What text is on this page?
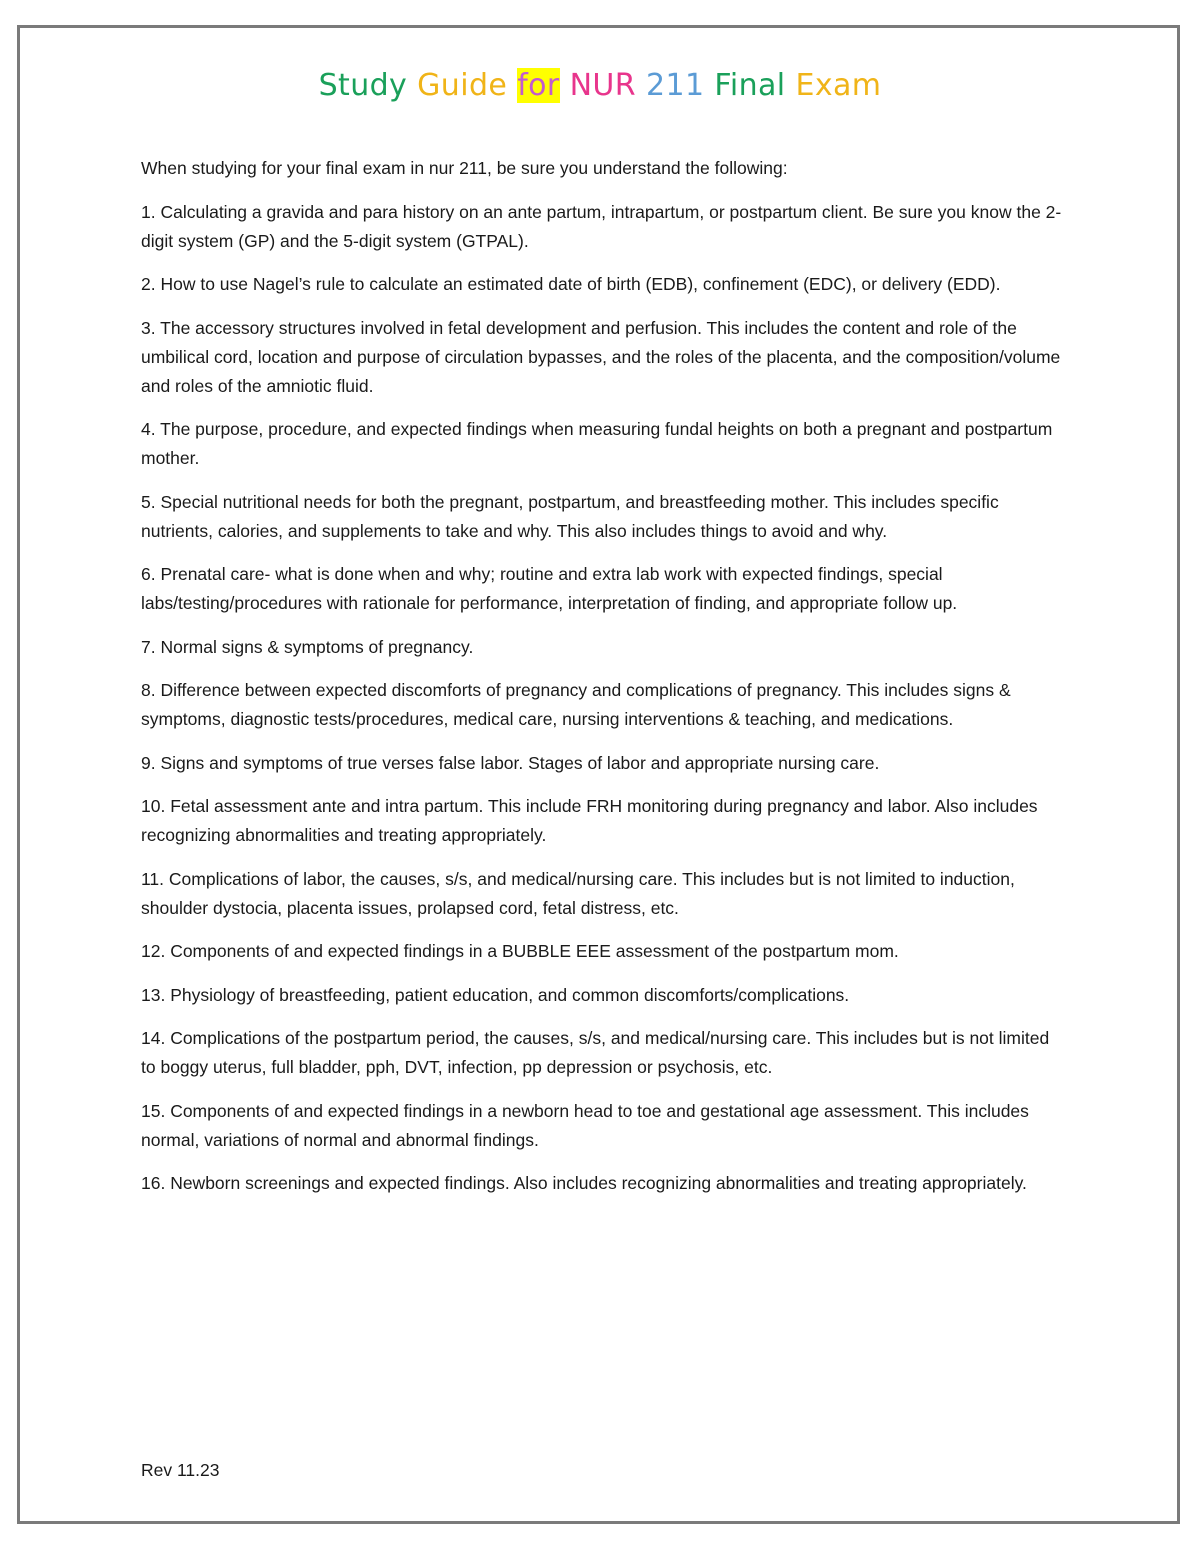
Study Guide for NUR 211 Final Exam

When studying for your final exam in nur 211, be sure you understand the following:

1. Calculating a gravida and para history on an ante partum, intrapartum, or postpartum client. Be sure you know the 2-digit system (GP) and the 5-digit system (GTPAL).

2. How to use Nagel’s rule to calculate an estimated date of birth (EDB), confinement (EDC), or delivery (EDD).

3. The accessory structures involved in fetal development and perfusion. This includes the content and role of the umbilical cord, location and purpose of circulation bypasses, and the roles of the placenta, and the composition/volume and roles of the amniotic fluid.

4. The purpose, procedure, and expected findings when measuring fundal heights on both a pregnant and postpartum mother.

5. Special nutritional needs for both the pregnant, postpartum, and breastfeeding mother. This includes specific nutrients, calories, and supplements to take and why. This also includes things to avoid and why.

6. Prenatal care- what is done when and why; routine and extra lab work with expected findings, special labs/testing/procedures with rationale for performance, interpretation of finding, and appropriate follow up.

7. Normal signs & symptoms of pregnancy.

8. Difference between expected discomforts of pregnancy and complications of pregnancy. This includes signs & symptoms, diagnostic tests/procedures, medical care, nursing interventions & teaching, and medications.

9. Signs and symptoms of true verses false labor. Stages of labor and appropriate nursing care.

10. Fetal assessment ante and intra partum. This include FRH monitoring during pregnancy and labor. Also includes recognizing abnormalities and treating appropriately.

11. Complications of labor, the causes, s/s, and medical/nursing care. This includes but is not limited to induction, shoulder dystocia, placenta issues, prolapsed cord, fetal distress, etc.

12. Components of and expected findings in a BUBBLE EEE assessment of the postpartum mom.

13. Physiology of breastfeeding, patient education, and common discomforts/complications.

14. Complications of the postpartum period, the causes, s/s, and medical/nursing care. This includes but is not limited to boggy uterus, full bladder, pph, DVT, infection, pp depression or psychosis, etc.

15. Components of and expected findings in a newborn head to toe and gestational age assessment. This includes normal, variations of normal and abnormal findings.

16. Newborn screenings and expected findings. Also includes recognizing abnormalities and treating appropriately.

Rev 11.23
